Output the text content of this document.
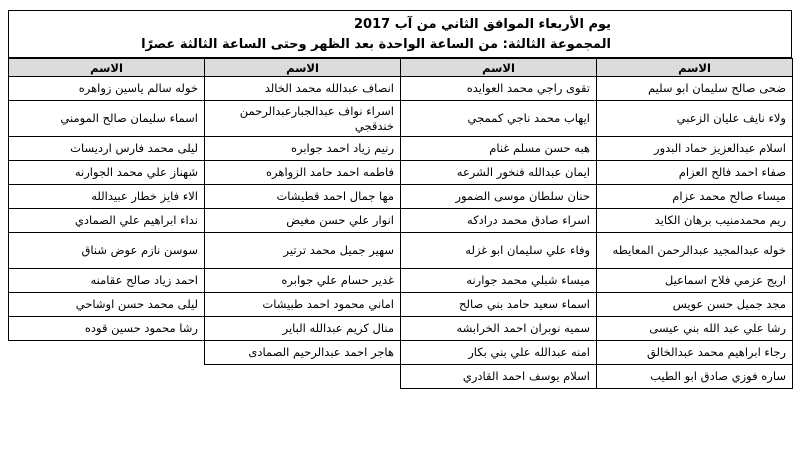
يوم الأربعاء الموافق الثاني من آب 2017
المجموعة الثالثة: من الساعة الواحدة بعد الظهر وحتى الساعة الثالثة عصرًا
الاسم	الاسم	الاسم	الاسم
ضحى صالح سليمان ابو سليم	تقوى راجي محمد العوايده	انصاف عبدالله محمد الخالد	خوله سالم ياسين زواهره
ولاء نايف عليان الزعبي	ايهاب محمد ناجي كممجي	اسراء نواف عبدالجبارعبدالرحمن خندقجي	اسماء سليمان صالح المومني
اسلام عبدالعزيز حماد البدور	هبه حسن مسلم غنام	رنيم زياد احمد جوابره	ليلى محمد فارس ارديسات
صفاء احمد فالح العزام	ايمان عبدالله فنخور الشرعه	فاطمه احمد حامد الزواهره	شهناز علي محمد الجوارنه
ميساء صالح محمد عزام	حنان سلطان موسى الضمور	مها جمال احمد قطيشات	الاء فايز خطار عبيدالله
ريم محمدمنيب برهان الكايد	اسراء صادق محمد درادكه	انوار علي حسن مغيض	نداء ابراهيم علي الصمادي
خوله عبدالمجيد عبدالرحمن المعايطه	وفاء علي سليمان ابو غزله	سهير جميل محمد ترتير	سوسن نازم عوض شناق
اريج عزمي فلاح اسماعيل	ميساء شبلي محمد جوارنه	غدير حسام علي جوابره	احمد زياد صالح عقامنه
مجد جميل حسن عويس	اسماء سعيد حامد بني صالح	اماني محمود احمد طبيشات	ليلى محمد حسن اوشاحي
رشا علي عبد الله بني عيسى	سميه نوبران احمد الخرابشه	منال كريم عبدالله الباير	رشا محمود حسين قوده
رجاء ابراهيم محمد عبدالخالق	امنه عبدالله علي بني بكار	هاجر احمد عبدالرحيم الصمادى	
ساره فوزي صادق ابو الطيب	اسلام يوسف احمد القادري		
